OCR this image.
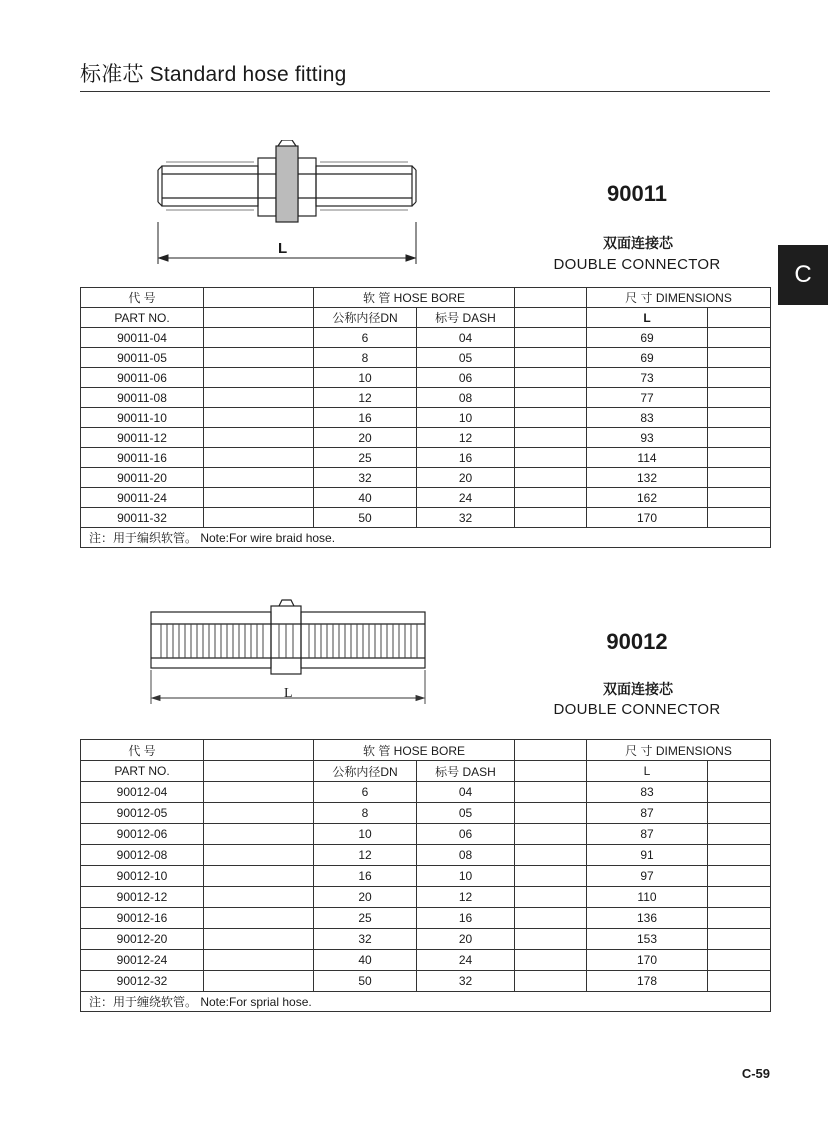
标准芯 Standard hose fitting
C
L
90011
双面连接芯
DOUBLE CONNECTOR
代 号		软 管 HOSE BORE			尺 寸 DIMENSIONS	
PART NO.		公称内径DN	标号 DASH		L	
90011-04		6	04		69	
90011-05		8	05		69	
90011-06		10	06		73	
90011-08		12	08		77	
90011-10		16	10		83	
90011-12		20	12		93	
90011-16		25	16		114	
90011-20		32	20		132	
90011-24		40	24		162	
90011-32		50	32		170	
注：用于编织软管。 Note:For wire braid hose.						
L
90012
双面连接芯
DOUBLE CONNECTOR
代 号		软 管 HOSE BORE			尺 寸 DIMENSIONS	
PART NO.		公称内径DN	标号 DASH		L	
90012-04		6	04		83	
90012-05		8	05		87	
90012-06		10	06		87	
90012-08		12	08		91	
90012-10		16	10		97	
90012-12		20	12		110	
90012-16		25	16		136	
90012-20		32	20		153	
90012-24		40	24		170	
90012-32		50	32		178	
注：用于缠绕软管。 Note:For sprial hose.						
C-59
